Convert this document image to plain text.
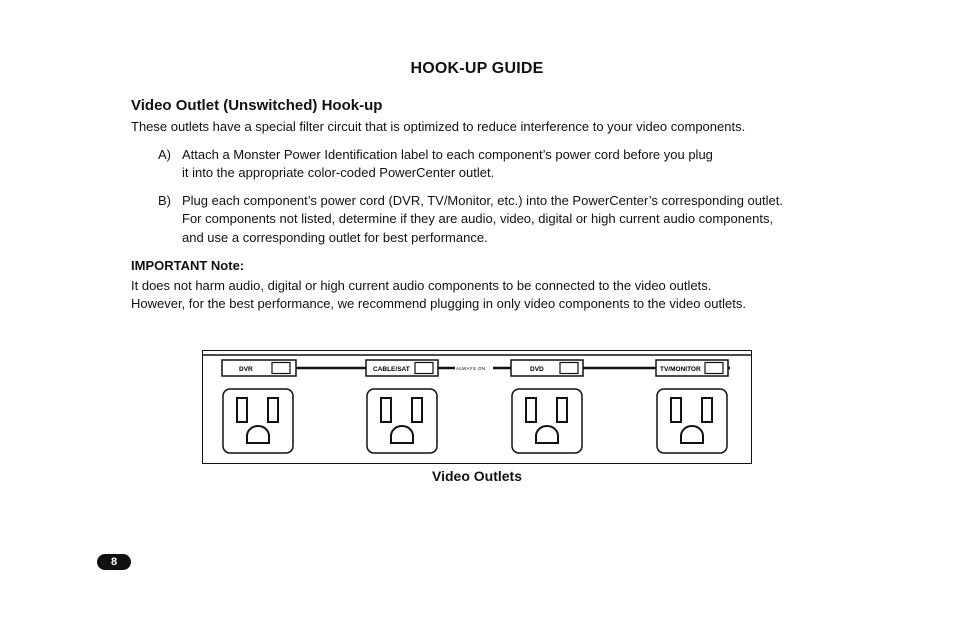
HOOK-UP GUIDE
Video Outlet (Unswitched) Hook-up
These outlets have a special filter circuit that is optimized to reduce interference to your video components.
A) Attach a Monster Power Identification label to each component’s power cord before you plug
it into the appropriate color-coded PowerCenter outlet.
B) Plug each component’s power cord (DVR, TV/Monitor, etc.) into the PowerCenter’s corresponding outlet.
For components not listed, determine if they are audio, video, digital or high current audio components,
and use a corresponding outlet for best performance.
IMPORTANT Note:
It does not harm audio, digital or high current audio components to be connected to the video outlets.
However, for the best performance, we recommend plugging in only video components to the video outlets.
DVR	CABLE/SAT	ALWAYS ON	DVD	TV/MONITOR
Video Outlets
8
